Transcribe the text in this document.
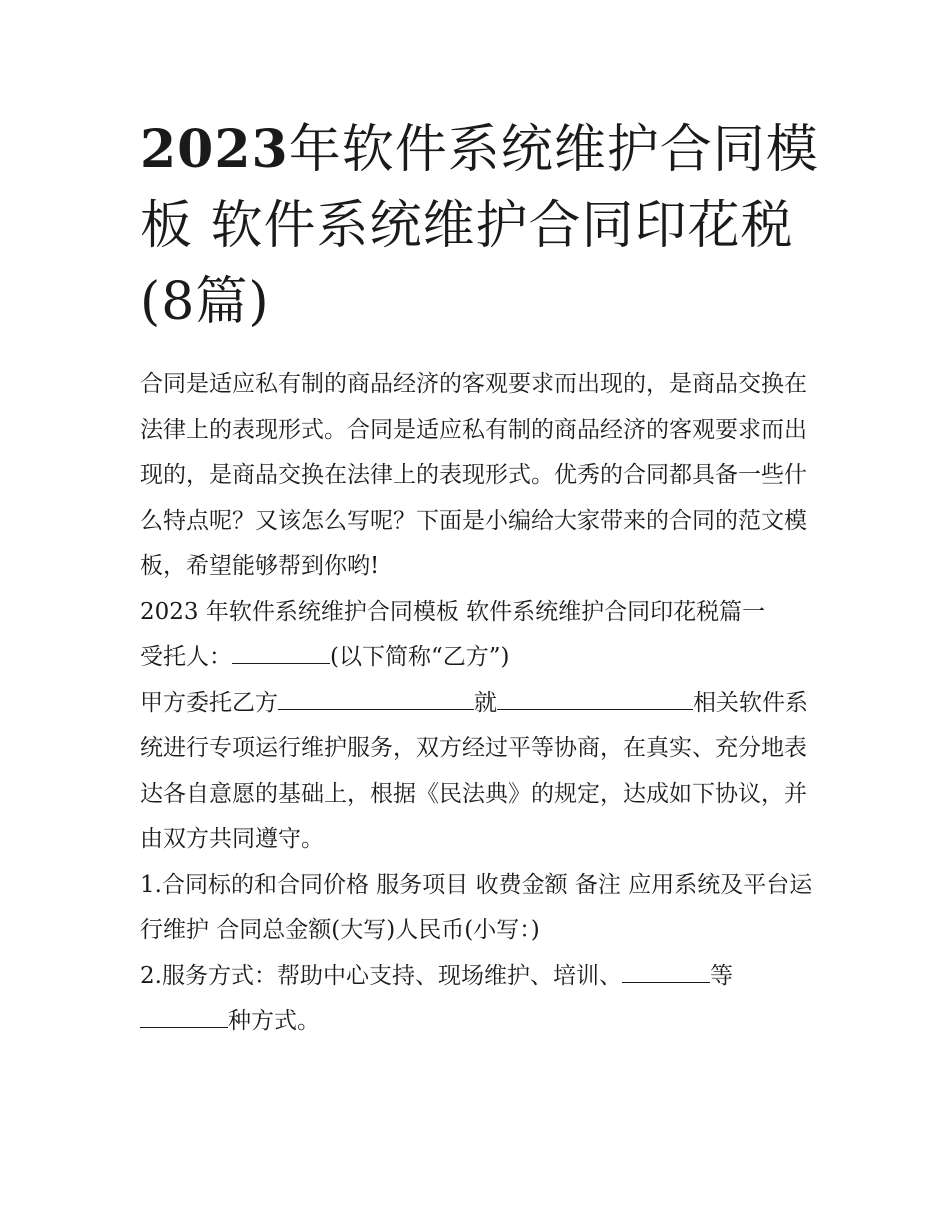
2023年软件系统维护合同模板 软件系统维护合同印花税(8篇)

合同是适应私有制的商品经济的客观要求而出现的，是商品交换在法律上的表现形式。合同是适应私有制的商品经济的客观要求而出现的，是商品交换在法律上的表现形式。优秀的合同都具备一些什么特点呢？又该怎么写呢？下面是小编给大家带来的合同的范文模板，希望能够帮到你哟!

2023 年软件系统维护合同模板 软件系统维护合同印花税篇一

受托人：	(以下简称“乙方”)

甲方委托乙方	就	相关软件系统进行专项运行维护服务，双方经过平等协商，在真实、充分地表达各自意愿的基础上，根据《民法典》的规定，达成如下协议，并由双方共同遵守。

1.合同标的和合同价格 服务项目 收费金额 备注 应用系统及平台运行维护 合同总金额(大写)人民币(小写：)

2.服务方式：帮助中心支持、现场维护、培训、	等
种方式。
